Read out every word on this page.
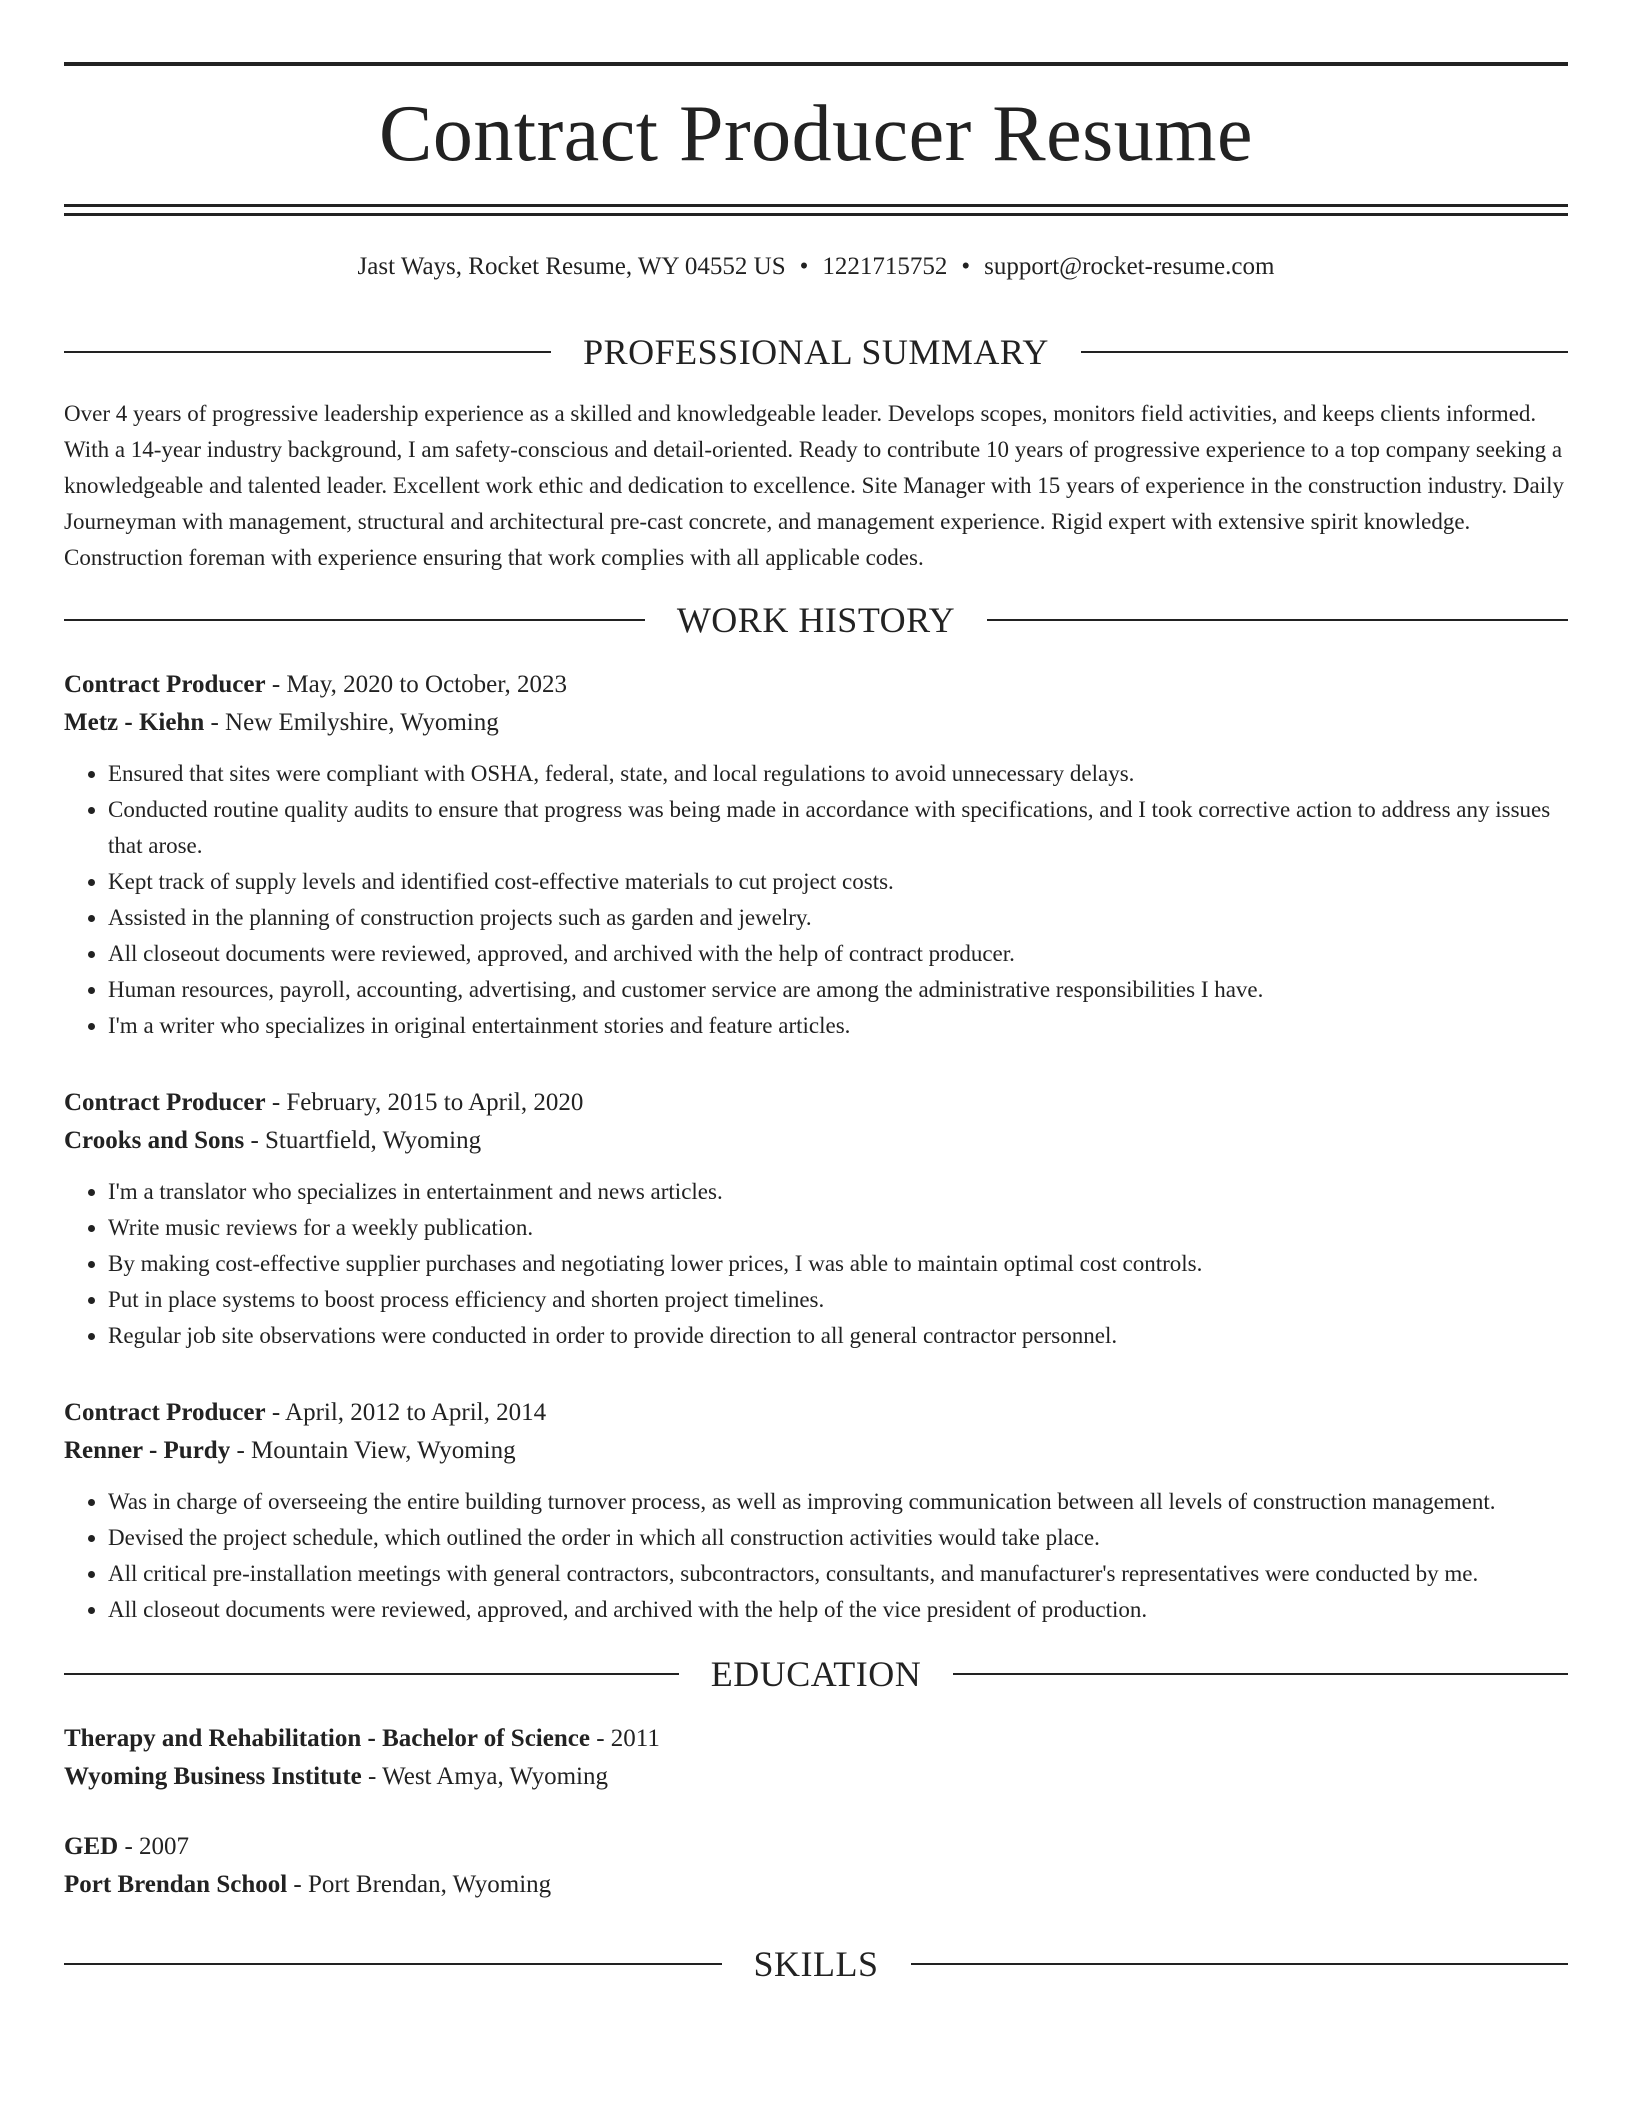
Contract Producer Resume
Jast Ways, Rocket Resume, WY 04552 US • 1221715752 • support@rocket-resume.com
PROFESSIONAL SUMMARY
Over 4 years of progressive leadership experience as a skilled and knowledgeable leader. Develops scopes, monitors field activities, and keeps clients informed. With a 14-year industry background, I am safety-conscious and detail-oriented. Ready to contribute 10 years of progressive experience to a top company seeking a knowledgeable and talented leader. Excellent work ethic and dedication to excellence. Site Manager with 15 years of experience in the construction industry. Daily Journeyman with management, structural and architectural pre-cast concrete, and management experience. Rigid expert with extensive spirit knowledge. Construction foreman with experience ensuring that work complies with all applicable codes.
WORK HISTORY
Contract Producer - May, 2020 to October, 2023
Metz - Kiehn - New Emilyshire, Wyoming
• Ensured that sites were compliant with OSHA, federal, state, and local regulations to avoid unnecessary delays.
• Conducted routine quality audits to ensure that progress was being made in accordance with specifications, and I took corrective action to address any issues that arose.
• Kept track of supply levels and identified cost-effective materials to cut project costs.
• Assisted in the planning of construction projects such as garden and jewelry.
• All closeout documents were reviewed, approved, and archived with the help of contract producer.
• Human resources, payroll, accounting, advertising, and customer service are among the administrative responsibilities I have.
• I'm a writer who specializes in original entertainment stories and feature articles.
Contract Producer - February, 2015 to April, 2020
Crooks and Sons - Stuartfield, Wyoming
• I'm a translator who specializes in entertainment and news articles.
• Write music reviews for a weekly publication.
• By making cost-effective supplier purchases and negotiating lower prices, I was able to maintain optimal cost controls.
• Put in place systems to boost process efficiency and shorten project timelines.
• Regular job site observations were conducted in order to provide direction to all general contractor personnel.
Contract Producer - April, 2012 to April, 2014
Renner - Purdy - Mountain View, Wyoming
• Was in charge of overseeing the entire building turnover process, as well as improving communication between all levels of construction management.
• Devised the project schedule, which outlined the order in which all construction activities would take place.
• All critical pre-installation meetings with general contractors, subcontractors, consultants, and manufacturer's representatives were conducted by me.
• All closeout documents were reviewed, approved, and archived with the help of the vice president of production.
EDUCATION
Therapy and Rehabilitation - Bachelor of Science - 2011
Wyoming Business Institute - West Amya, Wyoming
GED - 2007
Port Brendan School - Port Brendan, Wyoming
SKILLS
